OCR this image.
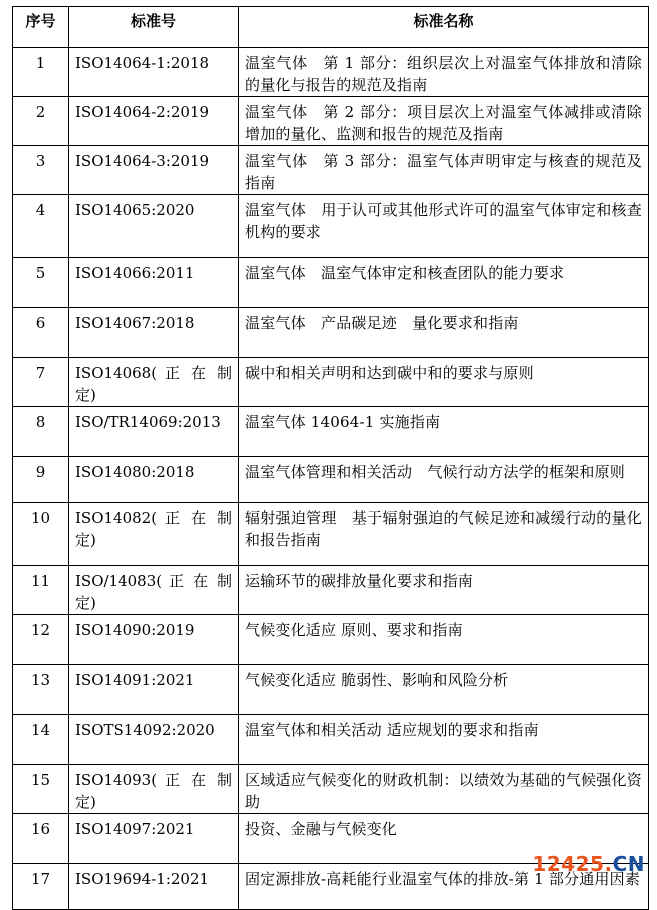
序号	标准号	标准名称
1	ISO14064-1:2018	温室气体　第 1 部分：组织层次上对温室气体排放和清除的量化与报告的规范及指南
2	ISO14064-2:2019	温室气体　第 2 部分：项目层次上对温室气体减排或清除增加的量化、监测和报告的规范及指南
3	ISO14064-3:2019	温室气体　第 3 部分：温室气体声明审定与核查的规范及指南
4	ISO14065:2020	温室气体　用于认可或其他形式许可的温室气体审定和核查机构的要求
5	ISO14066:2011	温室气体　温室气体审定和核查团队的能力要求
6	ISO14067:2018	温室气体　产品碳足迹　量化要求和指南
7	ISO14068( 正 在 制 定)	碳中和相关声明和达到碳中和的要求与原则
8	ISO/TR14069:2013	温室气体 14064-1 实施指南
9	ISO14080:2018	温室气体管理和相关活动　气候行动方法学的框架和原则
10	ISO14082( 正 在 制 定)	辐射强迫管理　基于辐射强迫的气候足迹和减缓行动的量化和报告指南
11	ISO/14083( 正 在 制 定)	运输环节的碳排放量化要求和指南
12	ISO14090:2019	气候变化适应 原则、要求和指南
13	ISO14091:2021	气候变化适应 脆弱性、影响和风险分析
14	ISOTS14092:2020	温室气体和相关活动 适应规划的要求和指南
15	ISO14093( 正 在 制 定)	区域适应气候变化的财政机制：以绩效为基础的气候强化资助
16	ISO14097:2021	投资、金融与气候变化
17	ISO19694-1:2021	固定源排放-高耗能行业温室气体的排放-第 1 部分通用因素
12425.CN
